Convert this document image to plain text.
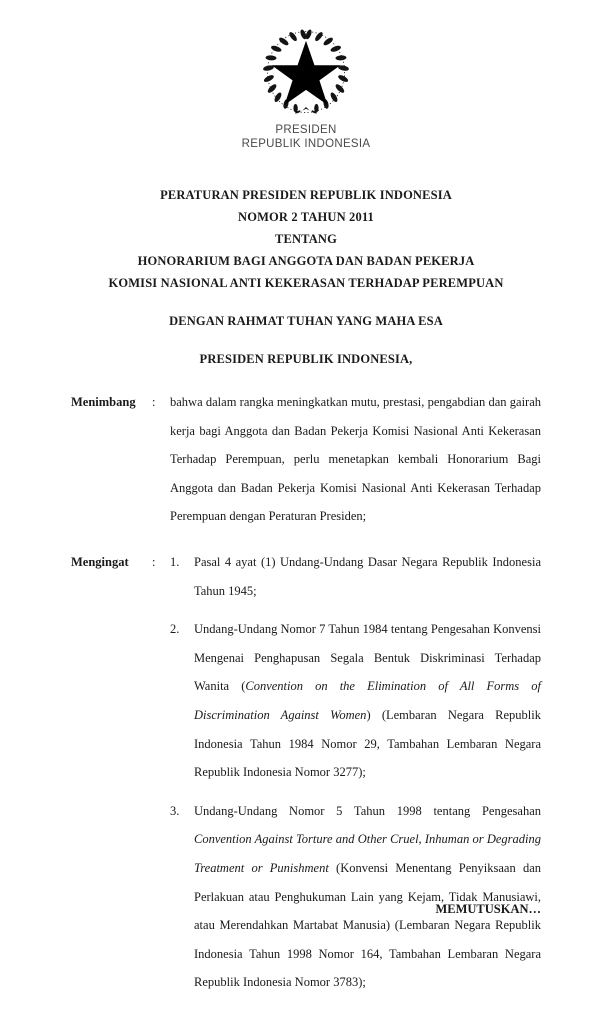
PRESIDEN
REPUBLIK INDONESIA
PERATURAN PRESIDEN REPUBLIK INDONESIA
NOMOR 2 TAHUN 2011
TENTANG
HONORARIUM BAGI ANGGOTA DAN BADAN PEKERJA
KOMISI NASIONAL ANTI KEKERASAN TERHADAP PEREMPUAN
DENGAN RAHMAT TUHAN YANG MAHA ESA
PRESIDEN REPUBLIK INDONESIA,
Menimbang	:	bahwa dalam rangka meningkatkan mutu, prestasi, pengabdian dan gairah kerja bagi Anggota dan Badan Pekerja Komisi Nasional Anti Kekerasan Terhadap Perempuan, perlu menetapkan kembali Honorarium Bagi Anggota dan Badan Pekerja Komisi Nasional Anti Kekerasan Terhadap Perempuan dengan Peraturan Presiden;
Mengingat	:	Pasal 4 ayat (1) Undang-Undang Dasar Negara Republik Indonesia Tahun 1945;
Undang-Undang Nomor 7 Tahun 1984 tentang Pengesahan Konvensi Mengenai Penghapusan Segala Bentuk Diskriminasi Terhadap Wanita (Convention on the Elimination of All Forms of Discrimination Against Women) (Lembaran Negara Republik Indonesia Tahun 1984 Nomor 29, Tambahan Lembaran Negara Republik Indonesia Nomor 3277);
Undang-Undang Nomor 5 Tahun 1998 tentang Pengesahan Convention Against Torture and Other Cruel, Inhuman or Degrading Treatment or Punishment (Konvensi Menentang Penyiksaan dan Perlakuan atau Penghukuman Lain yang Kejam, Tidak Manusiawi, atau Merendahkan Martabat Manusia) (Lembaran Negara Republik Indonesia Tahun 1998 Nomor 164, Tambahan Lembaran Negara Republik Indonesia Nomor 3783);
MEMUTUSKAN…
